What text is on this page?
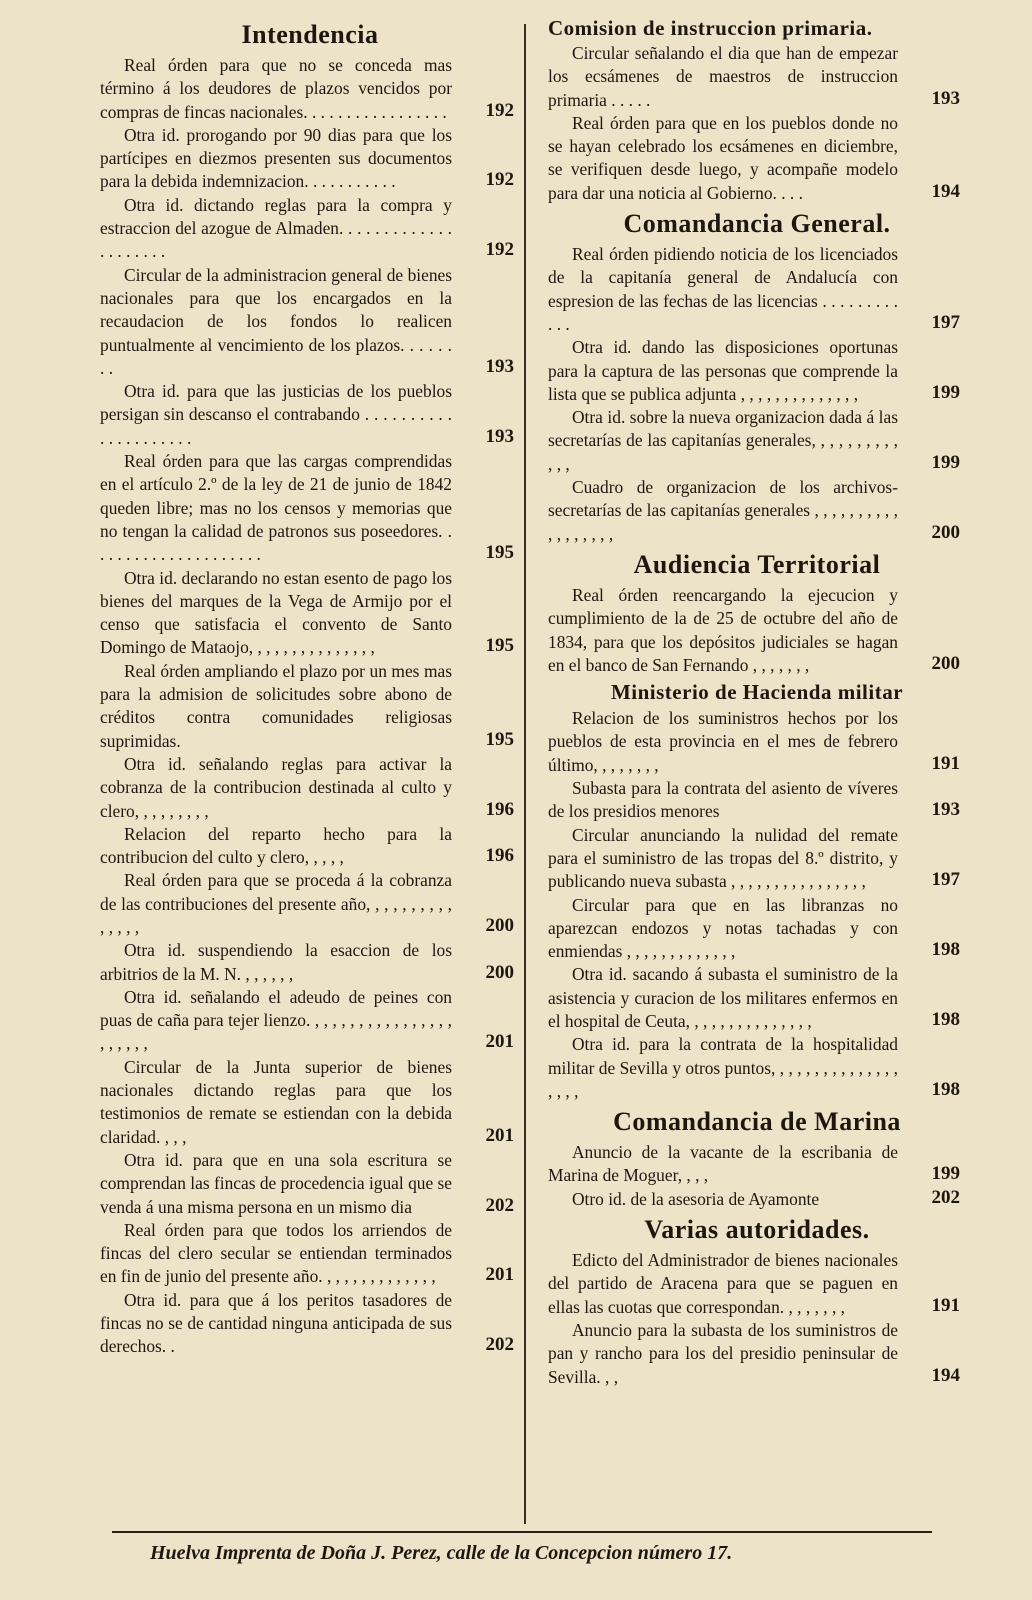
Intendencia
Real órden para que no se conceda mas término á los deudores de plazos vencidos por compras de fincas nacionales. . . . . . . . . . . . . . . . . 192
Otra id. prorogando por 90 dias para que los partícipes en diezmos presenten sus documentos para la debida indemnizacion. . . . . . . . . . .	192
Otra id. dictando reglas para la compra y estraccion del azogue de Almaden. . . . . . . . . . . . . . . . . . . . .	192
Circular de la administracion general de bienes nacionales para que los encargados en la recaudacion de los fondos lo realicen puntualmente al vencimiento de los plazos. . . . . . . .	193
Otra id. para que las justicias de los pueblos persigan sin descanso el contrabando . . . . . . . . . . . . . . . . . . . . .	193
Real órden para que las cargas comprendidas en el artículo 2.º de la ley de 21 de junio de 1842 queden libre; mas no los censos y memorias que no tengan la calidad de patronos sus poseedores. . . . . . . . . . . . . . . . . . . . .	195
Otra id. declarando no estan esento de pago los bienes del marques de la Vega de Armijo por el censo que satisfacia el convento de Santo Domingo de Mataojo, , , , , , , , , , , , , , ,	195
Real órden ampliando el plazo por un mes mas para la admision de solicitudes sobre abono de créditos contra comunidades religiosas suprimidas.	195
Otra id. señalando reglas para activar la cobranza de la contribucion destinada al culto y clero, , , , , , , , ,	196
Relacion del reparto hecho para la contribucion del culto y clero, , , , ,	196
Real órden para que se proceda á la cobranza de las contribuciones del presente año, , , , , , , , , , , , , , ,	200
Otra id. suspendiendo la esaccion de los arbitrios de la M. N. , , , , , ,	200
Otra id. señalando el adeudo de peines con puas de caña para tejer lienzo. , , , , , , , , , , , , , , , , , , , , , ,	201
Circular de la Junta superior de bienes nacionales dictando reglas para que los testimonios de remate se estiendan con la debida claridad. , , ,	201
Otra id. para que en una sola escritura se comprendan las fincas de procedencia igual que se venda á una misma persona en un mismo dia	202
Real órden para que todos los arriendos de fincas del clero secular se entiendan terminados en fin de junio del presente año. , , , , , , , , , , , , ,	201
Otra id. para que á los peritos tasadores de fincas no se de cantidad ninguna anticipada de sus derechos. .	202
Comision de instruccion primaria.
Circular señalando el dia que han de empezar los ecsámenes de maestros de instruccion primaria . . . . .	193
Real órden para que en los pueblos donde no se hayan celebrado los ecsámenes en diciembre, se verifiquen desde luego, y acompañe modelo para dar una noticia al Gobierno. . . .	194
Comandancia General.
Real órden pidiendo noticia de los licenciados de la capitanía general de Andalucía con espresion de las fechas de las licencias . . . . . . . . . . . .	197
Otra id. dando las disposiciones oportunas para la captura de las personas que comprende la lista que se publica adjunta , , , , , , , , , , , , , ,	199
Otra id. sobre la nueva organizacion dada á las secretarías de las capitanías generales, , , , , , , , , , , , ,	199
Cuadro de organizacion de los archivos-secretarías de las capitanías generales , , , , , , , , , , , , , , , , , ,	200
Audiencia Territorial
Real órden reencargando la ejecucion y cumplimiento de la de 25 de octubre del año de 1834, para que los depósitos judiciales se hagan en el banco de San Fernando , , , , , , ,	200
Ministerio de Hacienda militar
Relacion de los suministros hechos por los pueblos de esta provincia en el mes de febrero último, , , , , , , ,	191
Subasta para la contrata del asiento de víveres de los presidios menores	193
Circular anunciando la nulidad del remate para el suministro de las tropas del 8.º distrito, y publicando nueva subasta , , , , , , , , , , , , , , , ,	197
Circular para que en las libranzas no aparezcan endozos y notas tachadas y con enmiendas , , , , , , , , , , , , ,	198
Otra id. sacando á subasta el suministro de la asistencia y curacion de los militares enfermos en el hospital de Ceuta, , , , , , , , , , , , , , ,	198
Otra id. para la contrata de la hospitalidad militar de Sevilla y otros puntos, , , , , , , , , , , , , , , , , , ,	198
Comandancia de Marina
Anuncio de la vacante de la escribania de Marina de Moguer, , , ,	199
Otro id. de la asesoria de Ayamonte	202
Varias autoridades.
Edicto del Administrador de bienes nacionales del partido de Aracena para que se paguen en ellas las cuotas que correspondan. , , , , , , ,	191
Anuncio para la subasta de los suministros de pan y rancho para los del presidio peninsular de Sevilla. , ,	194
Huelva Imprenta de Doña J. Perez, calle de la Concepcion número 17.
